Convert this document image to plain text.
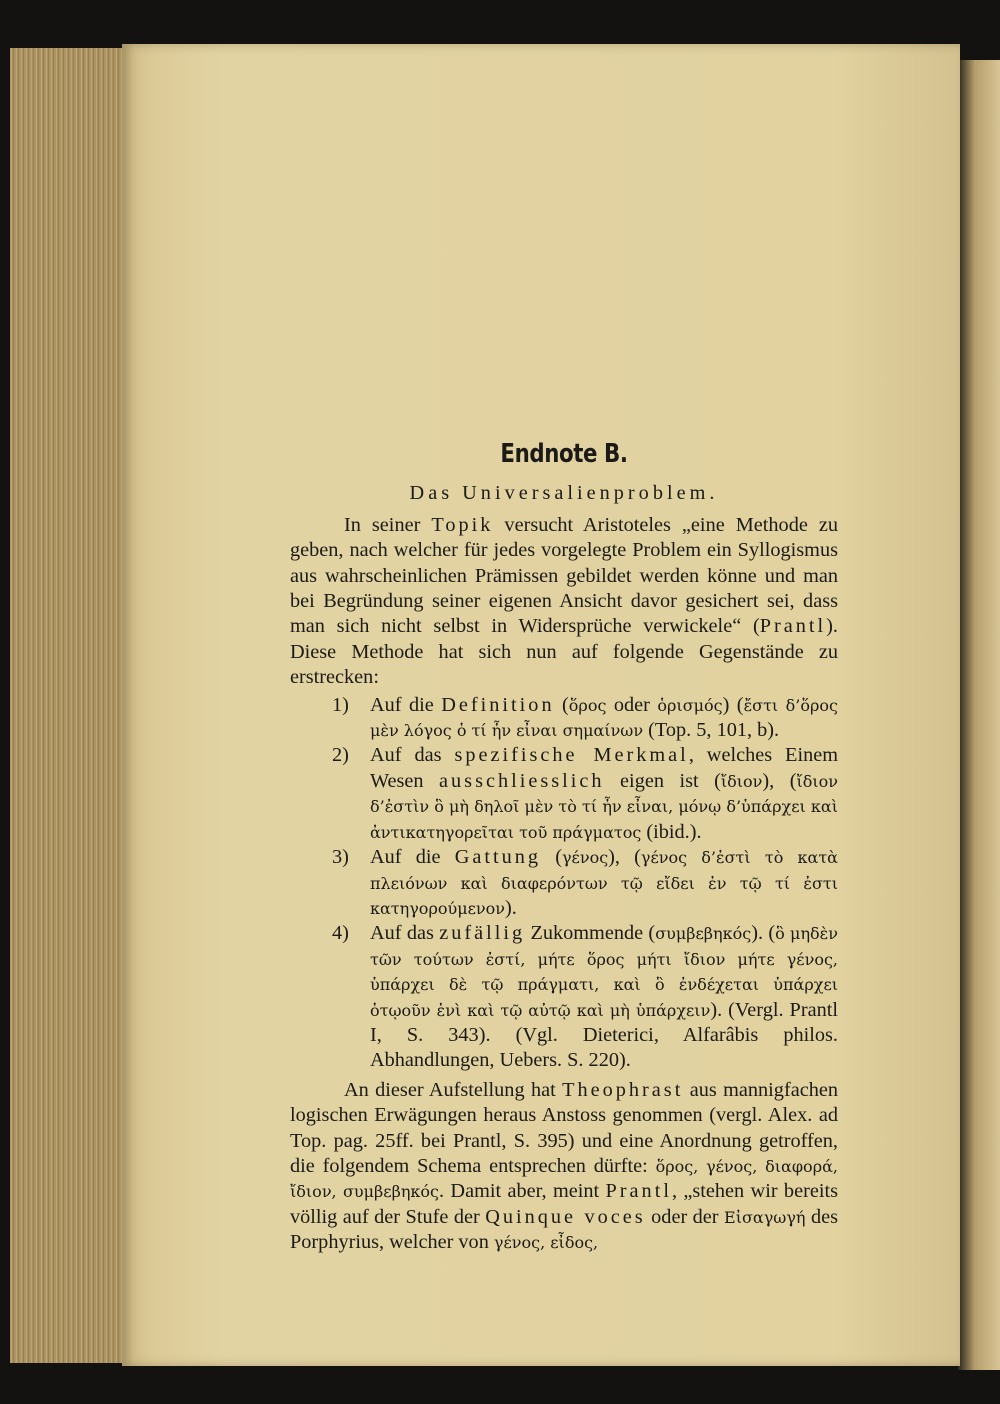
Endnote B.
Das Universalienproblem.

In seiner Topik versucht Aristoteles „eine Methode zu geben, nach welcher für jedes vorgelegte Problem ein Syllogismus aus wahrscheinlichen Prämissen gebildet werden könne und man bei Begründung seiner eigenen Ansicht davor gesichert sei, dass man sich nicht selbst in Widersprüche verwickele“ (Prantl). Diese Methode hat sich nun auf folgende Gegenstände zu erstrecken:

1)	Auf die Definition (ὅρος oder ὁρισμός) (ἔστι δ’ὅρος μὲν λόγος ὁ τί ἦν εἶναι σημαίνων (Top. 5, 101, b).
2)	Auf das spezifische Merkmal, welches Einem Wesen ausschliesslich eigen ist (ἴδιον), (ἴδιον δ’ἐστὶν ὃ μὴ δηλοῖ μὲν τὸ τί ἦν εἶναι, μόνῳ δ’ὑπάρχει καὶ ἀντικατηγορεῖται τοῦ πράγματος (ibid.).
3)	Auf die Gattung (γένος), (γένος δ’ἐστὶ τὸ κατὰ πλειόνων καὶ διαφερόντων τῷ εἴδει ἐν τῷ τί ἐστι κατηγορούμενον).
4)	Auf das zufällig Zukommende (συμβεβηκός). (ὃ μηδὲν τῶν τούτων ἐστί, μήτε ὅρος μήτι ἴδιον μήτε γένος, ὑπάρχει δὲ τῷ πράγματι, καὶ ὃ ἐνδέχεται ὑπάρχει ὁτῳοῦν ἑνὶ καὶ τῷ αὐτῷ καὶ μὴ ὑπάρχειν). (Vergl. Prantl I, S. 343). (Vgl. Dieterici, Alfarâbis philos. Abhandlungen, Uebers. S. 220).

An dieser Aufstellung hat Theophrast aus mannigfachen logischen Erwägungen heraus Anstoss genommen (vergl. Alex. ad Top. pag. 25ff. bei Prantl, S. 395) und eine Anordnung getroffen, die folgendem Schema entsprechen dürfte: ὅρος, γένος, διαφορά, ἴδιον, συμβεβηκός. Damit aber, meint Prantl, „stehen wir bereits völlig auf der Stufe der Quinque voces oder der Εἰσαγωγή des Porphyrius, welcher von γένος, εἶδος,
